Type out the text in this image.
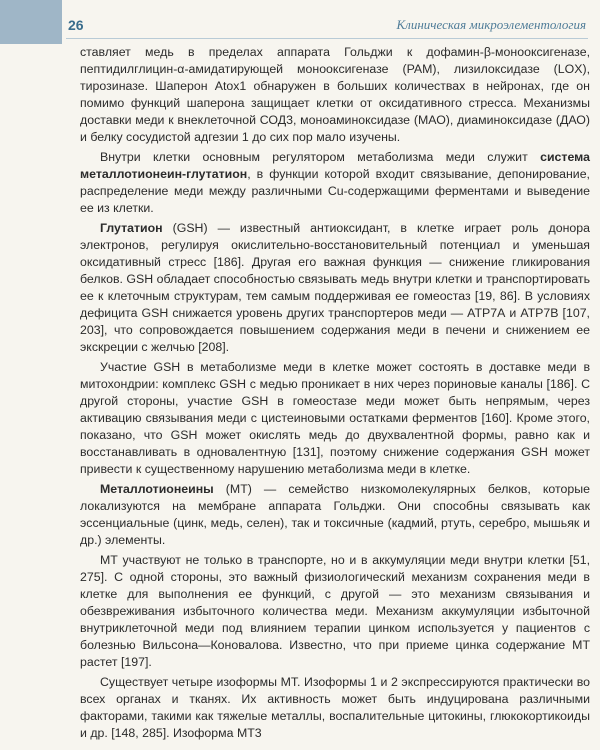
26	Клиническая микроэлементология

ставляет медь в пределах аппарата Гольджи к дофамин-β-монооксигеназе, пептидилглицин-α-амидатирующей монооксигеназе (PAM), лизилоксидазе (LOX), тирозиназе. Шаперон Atox1 обнаружен в больших количествах в нейронах, где он помимо функций шаперона защищает клетки от оксидативного стресса. Механизмы доставки меди к внеклеточной СОД3, моноаминоксидазе (МАО), диаминоксидазе (ДАО) и белку сосудистой адгезии 1 до сих пор мало изучены.

Внутри клетки основным регулятором метаболизма меди служит система металлотионеин-глутатион, в функции которой входит связывание, депонирование, распределение меди между различными Cu-содержащими ферментами и выведение ее из клетки.

Глутатион (GSH) — известный антиоксидант, в клетке играет роль донора электронов, регулируя окислительно-восстановительный потенциал и уменьшая оксидативный стресс [186]. Другая его важная функция — снижение гликирования белков. GSH обладает способностью связывать медь внутри клетки и транспортировать ее к клеточным структурам, тем самым поддерживая ее гомеостаз [19, 86]. В условиях дефицита GSH снижается уровень других транспортеров меди — АТР7А и АТР7В [107, 203], что сопровождается повышением содержания меди в печени и снижением ее экскреции с желчью [208].

Участие GSH в метаболизме меди в клетке может состоять в доставке меди в митохондрии: комплекс GSH с медью проникает в них через пориновые каналы [186]. С другой стороны, участие GSH в гомеостазе меди может быть непрямым, через активацию связывания меди с цистеиновыми остатками ферментов [160]. Кроме этого, показано, что GSH может окислять медь до двухвалентной формы, равно как и восстанавливать в одновалентную [131], поэтому снижение содержания GSH может привести к существенному нарушению метаболизма меди в клетке.

Металлотионеины (МТ) — семейство низкомолекулярных белков, которые локализуются на мембране аппарата Гольджи. Они способны связывать как эссенциальные (цинк, медь, селен), так и токсичные (кадмий, ртуть, серебро, мышьяк и др.) элементы.

МТ участвуют не только в транспорте, но и в аккумуляции меди внутри клетки [51, 275]. С одной стороны, это важный физиологический механизм сохранения меди в клетке для выполнения ее функций, с другой — это механизм связывания и обезвреживания избыточного количества меди. Механизм аккумуляции избыточной внутриклеточной меди под влиянием терапии цинком используется у пациентов с болезнью Вильсона—Коновалова. Известно, что при приеме цинка содержание МТ растет [197].

Существует четыре изоформы МТ. Изоформы 1 и 2 экспрессируются практически во всех органах и тканях. Их активность может быть индуцирована различными факторами, такими как тяжелые металлы, воспалительные цитокины, глюкокортикоиды и др. [148, 285]. Изоформа МТ3
